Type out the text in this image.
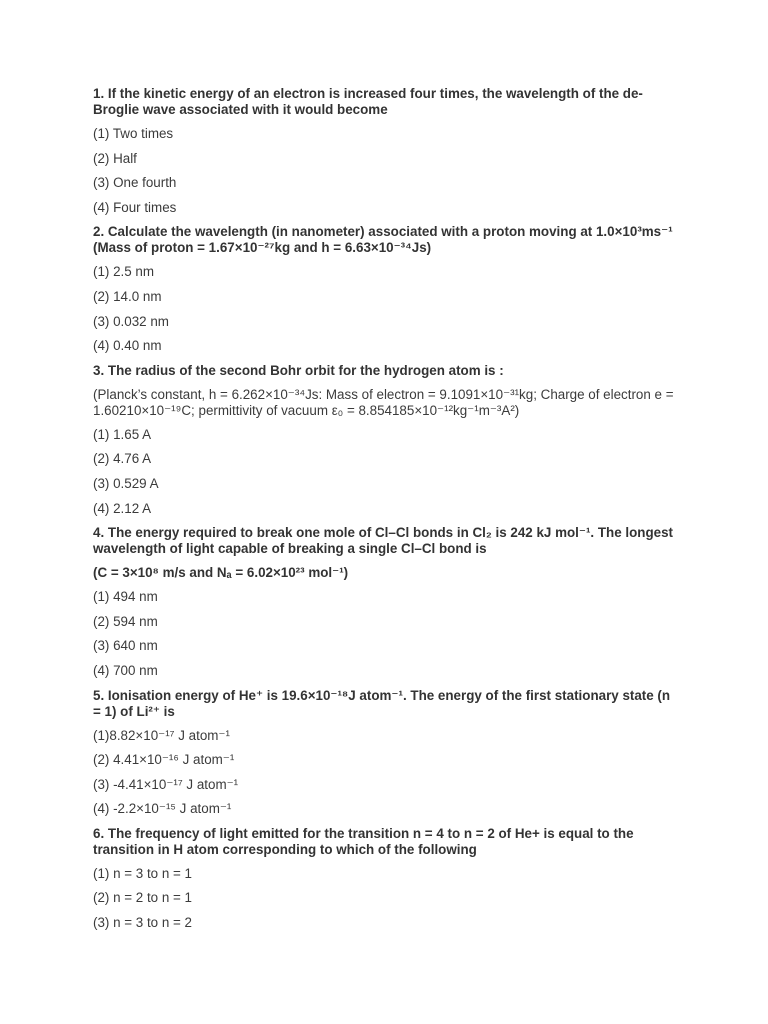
1. If the kinetic energy of an electron is increased four times, the wavelength of the de-Broglie wave associated with it would become

(1) Two times

(2) Half

(3) One fourth

(4) Four times

2. Calculate the wavelength (in nanometer) associated with a proton moving at 1.0×10³ms⁻¹ (Mass of proton = 1.67×10⁻²⁷kg and h = 6.63×10⁻³⁴Js)

(1) 2.5 nm

(2) 14.0 nm

(3) 0.032 nm

(4) 0.40 nm

3. The radius of the second Bohr orbit for the hydrogen atom is :

(Planck’s constant, h = 6.262×10⁻³⁴Js: Mass of electron = 9.1091×10⁻³¹kg; Charge of electron e = 1.60210×10⁻¹⁹C; permittivity of vacuum ε₀ = 8.854185×10⁻¹²kg⁻¹m⁻³A²)

(1) 1.65 A

(2) 4.76 A

(3) 0.529 A

(4) 2.12 A

4. The energy required to break one mole of Cl–Cl bonds in Cl₂ is 242 kJ mol⁻¹. The longest wavelength of light capable of breaking a single Cl–Cl bond is

(C = 3×10⁸ m/s and Nₐ = 6.02×10²³ mol⁻¹)

(1) 494 nm

(2) 594 nm

(3) 640 nm

(4) 700 nm

5. Ionisation energy of He⁺ is 19.6×10⁻¹⁸J atom⁻¹. The energy of the first stationary state (n = 1) of Li²⁺ is

(1)8.82×10⁻¹⁷ J atom⁻¹

(2) 4.41×10⁻¹⁶ J atom⁻¹

(3) -4.41×10⁻¹⁷ J atom⁻¹

(4) -2.2×10⁻¹⁵ J atom⁻¹

6. The frequency of light emitted for the transition n = 4 to n = 2 of He+ is equal to the transition in H atom corresponding to which of the following

(1) n = 3 to n = 1

(2) n = 2 to n = 1

(3) n = 3 to n = 2
